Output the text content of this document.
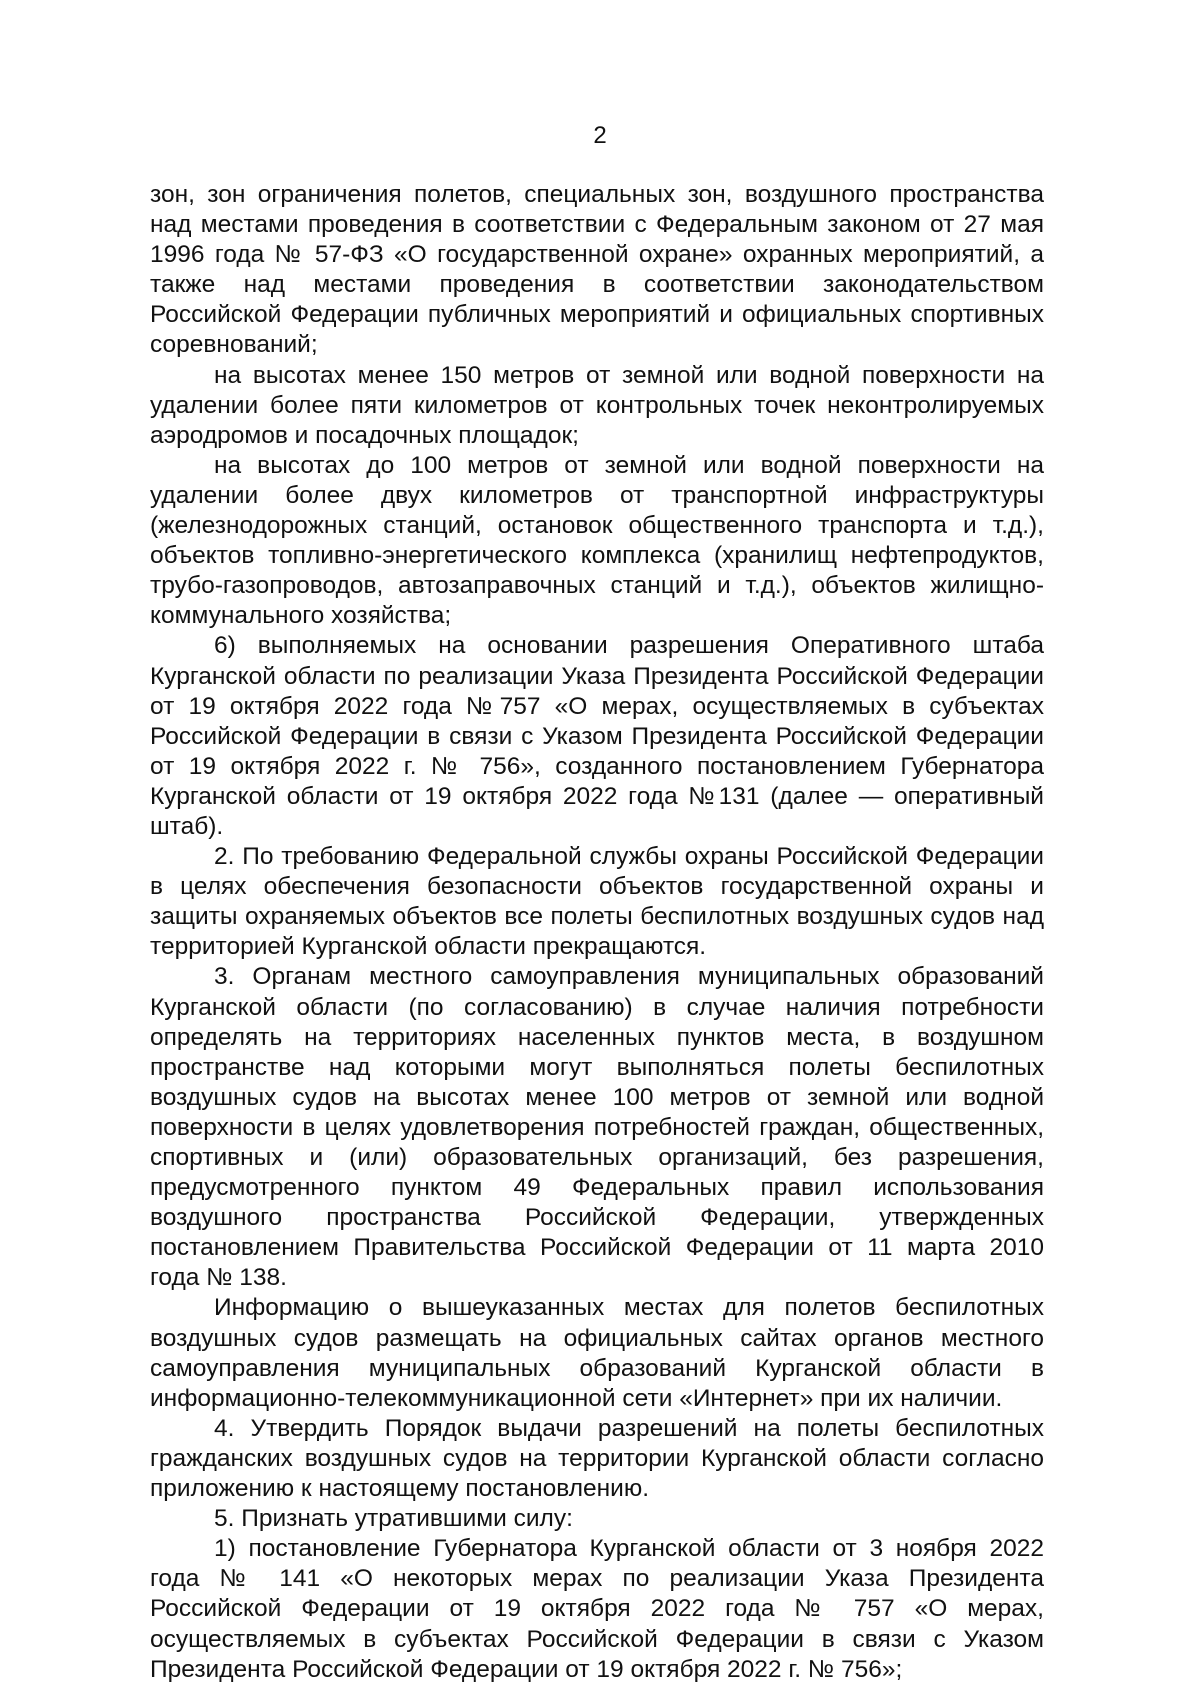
2

зон, зон ограничения полетов, специальных зон, воздушного пространства над местами проведения в соответствии с Федеральным законом от 27 мая 1996 года № 57-ФЗ «О государственной охране» охранных мероприятий, а также над местами проведения в соответствии законодательством Российской Федерации публичных мероприятий и официальных спортивных соревнований;

на высотах менее 150 метров от земной или водной поверхности на удалении более пяти километров от контрольных точек неконтролируемых аэродромов и посадочных площадок;

на высотах до 100 метров от земной или водной поверхности на удалении более двух километров от транспортной инфраструктуры (железнодорожных станций, остановок общественного транспорта и т.д.), объектов топливно-энергетического комплекса (хранилищ нефтепродуктов, трубо-газопроводов, автозаправочных станций и т.д.), объектов жилищно-коммунального хозяйства;

6) выполняемых на основании разрешения Оперативного штаба Курганской области по реализации Указа Президента Российской Федерации от 19 октября 2022 года №757 «О мерах, осуществляемых в субъектах Российской Федерации в связи с Указом Президента Российской Федерации от 19 октября 2022 г. № 756», созданного постановлением Губернатора Курганской области от 19 октября 2022 года №131 (далее — оперативный штаб).

2. По требованию Федеральной службы охраны Российской Федерации в целях обеспечения безопасности объектов государственной охраны и защиты охраняемых объектов все полеты беспилотных воздушных судов над территорией Курганской области прекращаются.

3. Органам местного самоуправления муниципальных образований Курганской области (по согласованию) в случае наличия потребности определять на территориях населенных пунктов места, в воздушном пространстве над которыми могут выполняться полеты беспилотных воздушных судов на высотах менее 100 метров от земной или водной поверхности в целях удовлетворения потребностей граждан, общественных, спортивных и (или) образовательных организаций, без разрешения, предусмотренного пунктом 49 Федеральных правил использования воздушного пространства Российской Федерации, утвержденных постановлением Правительства Российской Федерации от 11 марта 2010 года № 138.

Информацию о вышеуказанных местах для полетов беспилотных воздушных судов размещать на официальных сайтах органов местного самоуправления муниципальных образований Курганской области в информационно-телекоммуникационной сети «Интернет» при их наличии.

4. Утвердить Порядок выдачи разрешений на полеты беспилотных гражданских воздушных судов на территории Курганской области согласно приложению к настоящему постановлению.

5. Признать утратившими силу:

1) постановление Губернатора Курганской области от 3 ноября 2022 года № 141 «О некоторых мерах по реализации Указа Президента Российской Федерации от 19 октября 2022 года № 757 «О мерах, осуществляемых в субъектах Российской Федерации в связи с Указом Президента Российской Федерации от 19 октября 2022 г. № 756»;
